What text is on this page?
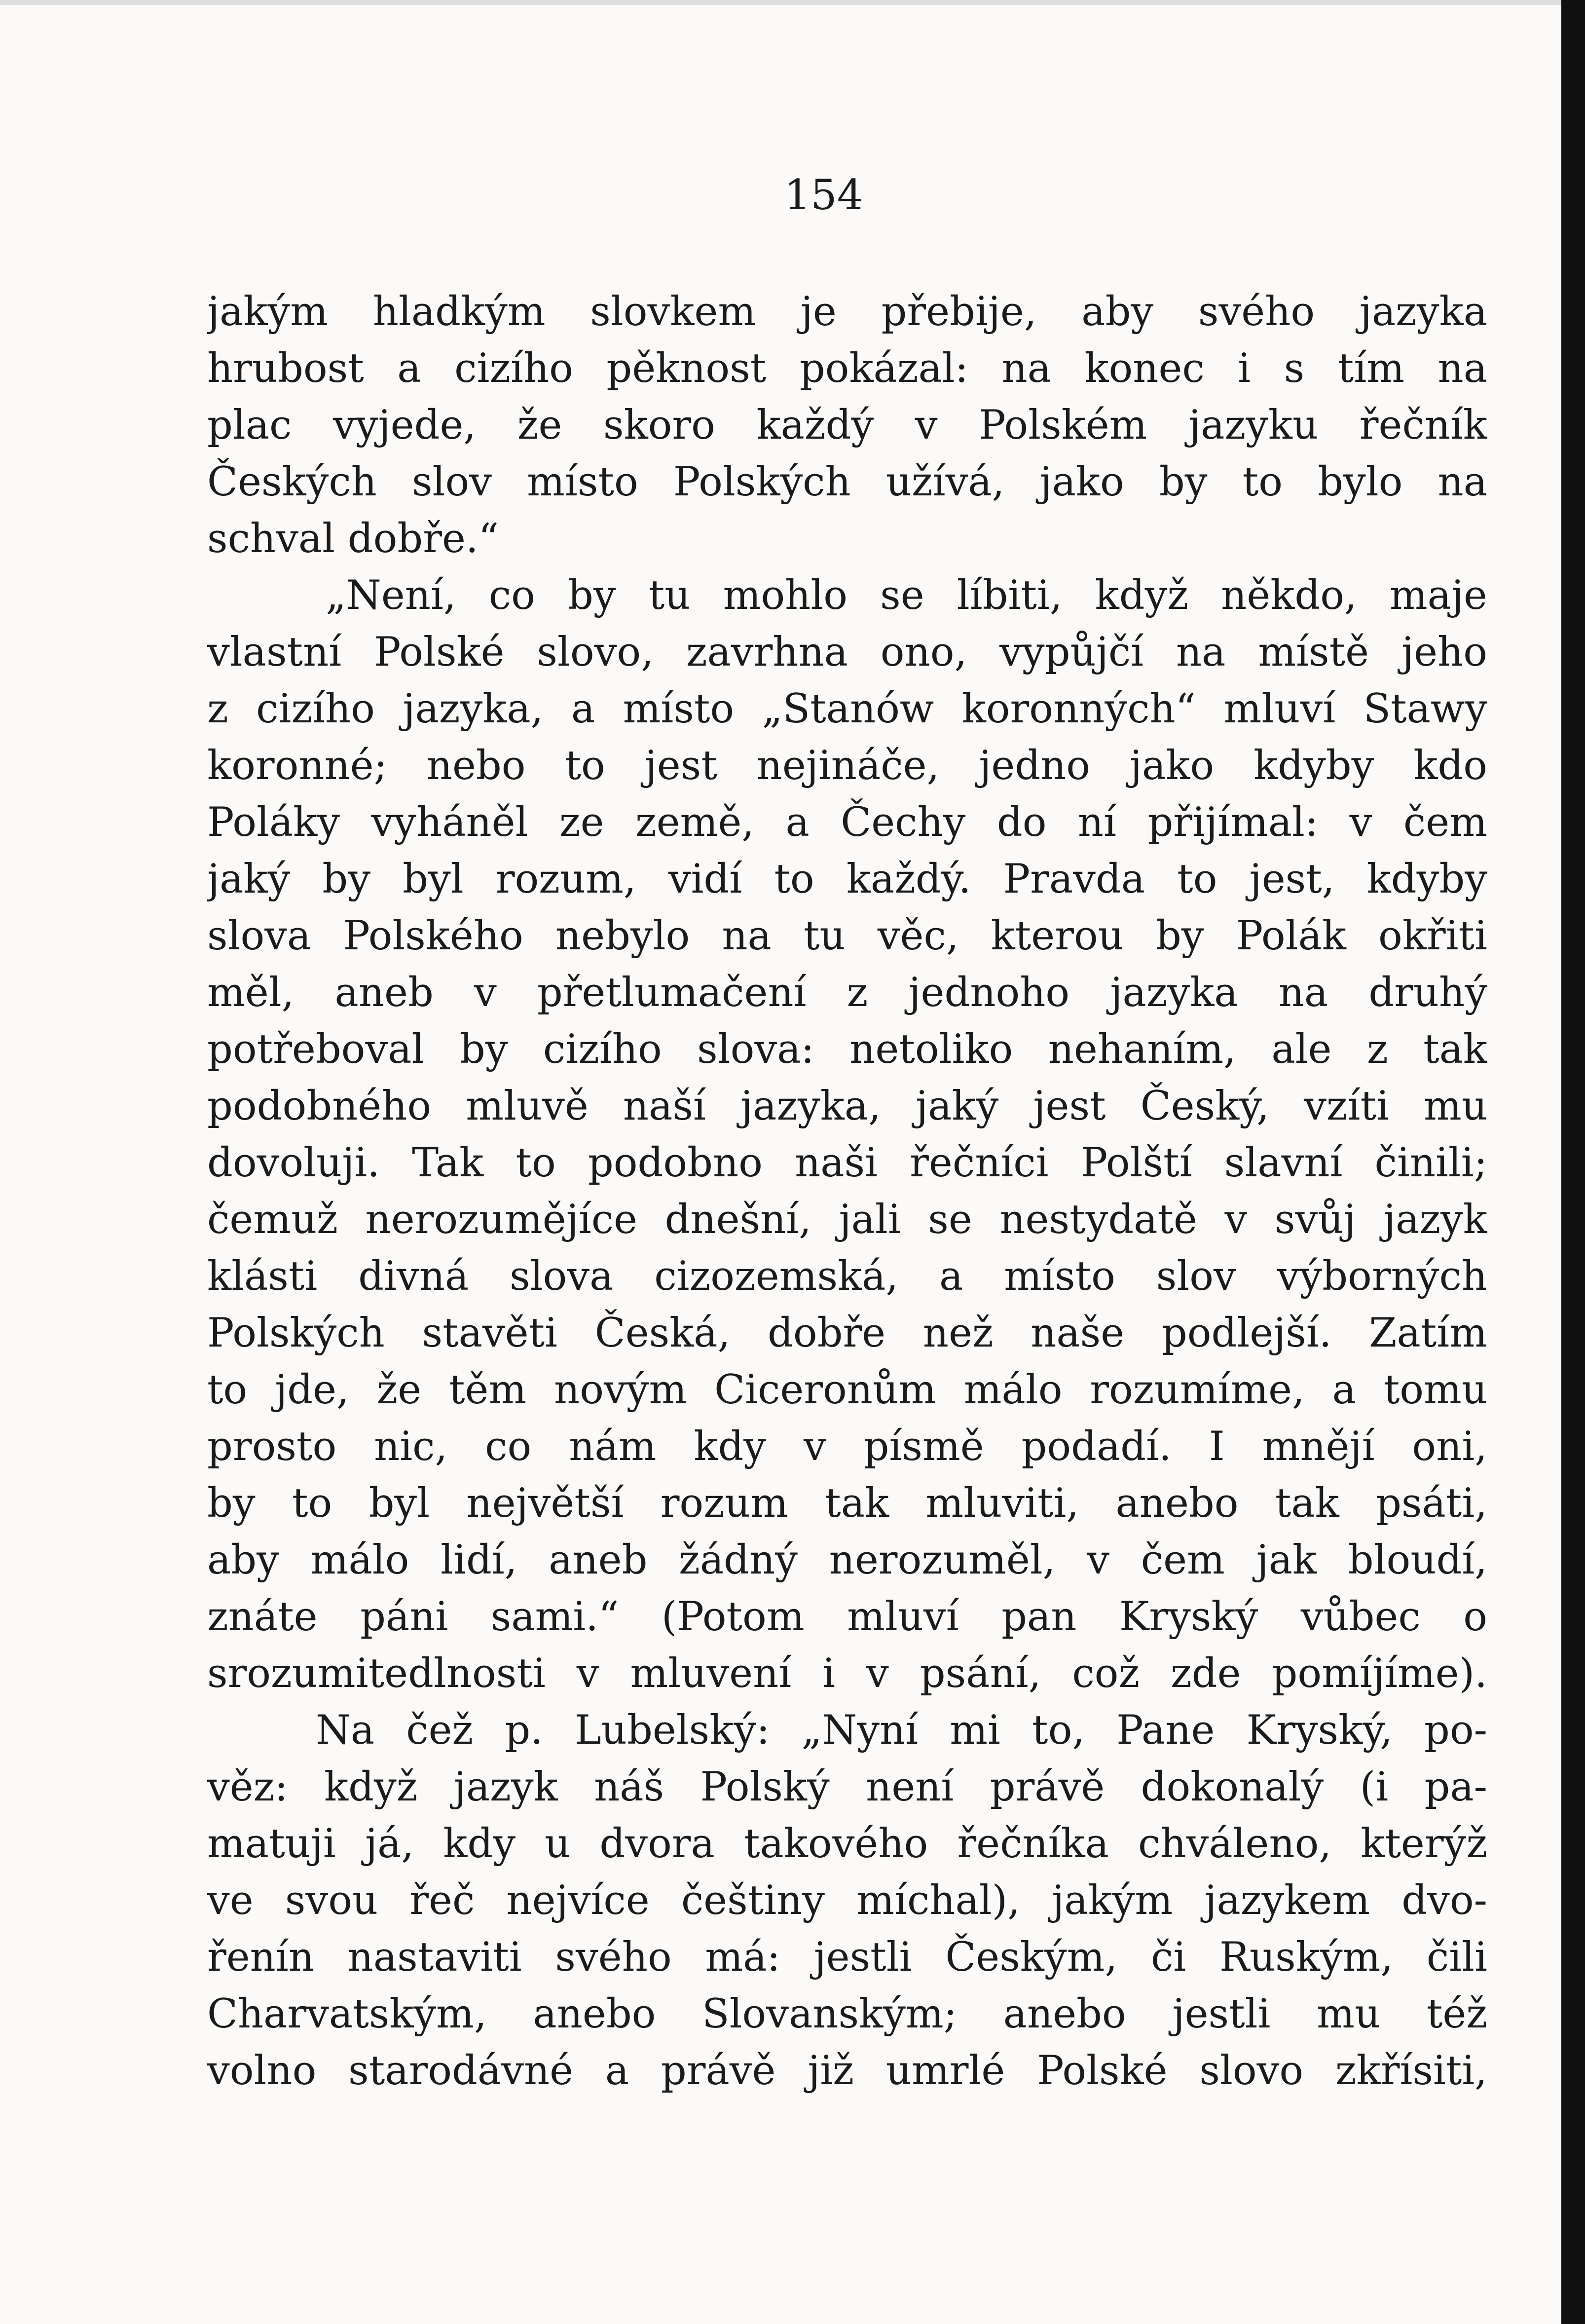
154
jakým hladkým slovkem je přebije, aby svého jazyka
hrubost a cizího pěknost pokázal: na konec i s tím na
plac vyjede, že skoro každý v Polském jazyku řečník
Českých slov místo Polských užívá, jako by to bylo na
schval dobře.“
„Není, co by tu mohlo se líbiti, když někdo, maje
vlastní Polské slovo, zavrhna ono, vypůjčí na místě jeho
z cizího jazyka, a místo „Stanów koronných“ mluví Stawy
koronné; nebo to jest nejináče, jedno jako kdyby kdo
Poláky vyháněl ze země, a Čechy do ní přijímal: v čem
jaký by byl rozum, vidí to každý. Pravda to jest, kdyby
slova Polského nebylo na tu věc, kterou by Polák okřiti
měl, aneb v přetlumačení z jednoho jazyka na druhý
potřeboval by cizího slova: netoliko nehaním, ale z tak
podobného mluvě naší jazyka, jaký jest Český, vzíti mu
dovoluji. Tak to podobno naši řečníci Polští slavní činili;
čemuž nerozumějíce dnešní, jali se nestydatě v svůj jazyk
klásti divná slova cizozemská, a místo slov výborných
Polských stavěti Česká, dobře než naše podlejší. Zatím
to jde, že těm novým Ciceronům málo rozumíme, a tomu
prosto nic, co nám kdy v písmě podadí. I mnějí oni,
by to byl největší rozum tak mluviti, anebo tak psáti,
aby málo lidí, aneb žádný nerozuměl, v čem jak bloudí,
znáte páni sami.“ (Potom mluví pan Kryský vůbec o
srozumitedlnosti v mluvení i v psání, což zde pomíjíme).
Na čež p. Lubelský: „Nyní mi to, Pane Kryský, po-
věz: když jazyk náš Polský není právě dokonalý (i pa-
matuji já, kdy u dvora takového řečníka chváleno, kterýž
ve svou řeč nejvíce češtiny míchal), jakým jazykem dvo-
řenín nastaviti svého má: jestli Českým, či Ruským, čili
Charvatským, anebo Slovanským; anebo jestli mu též
volno starodávné a právě již umrlé Polské slovo zkřísiti,
